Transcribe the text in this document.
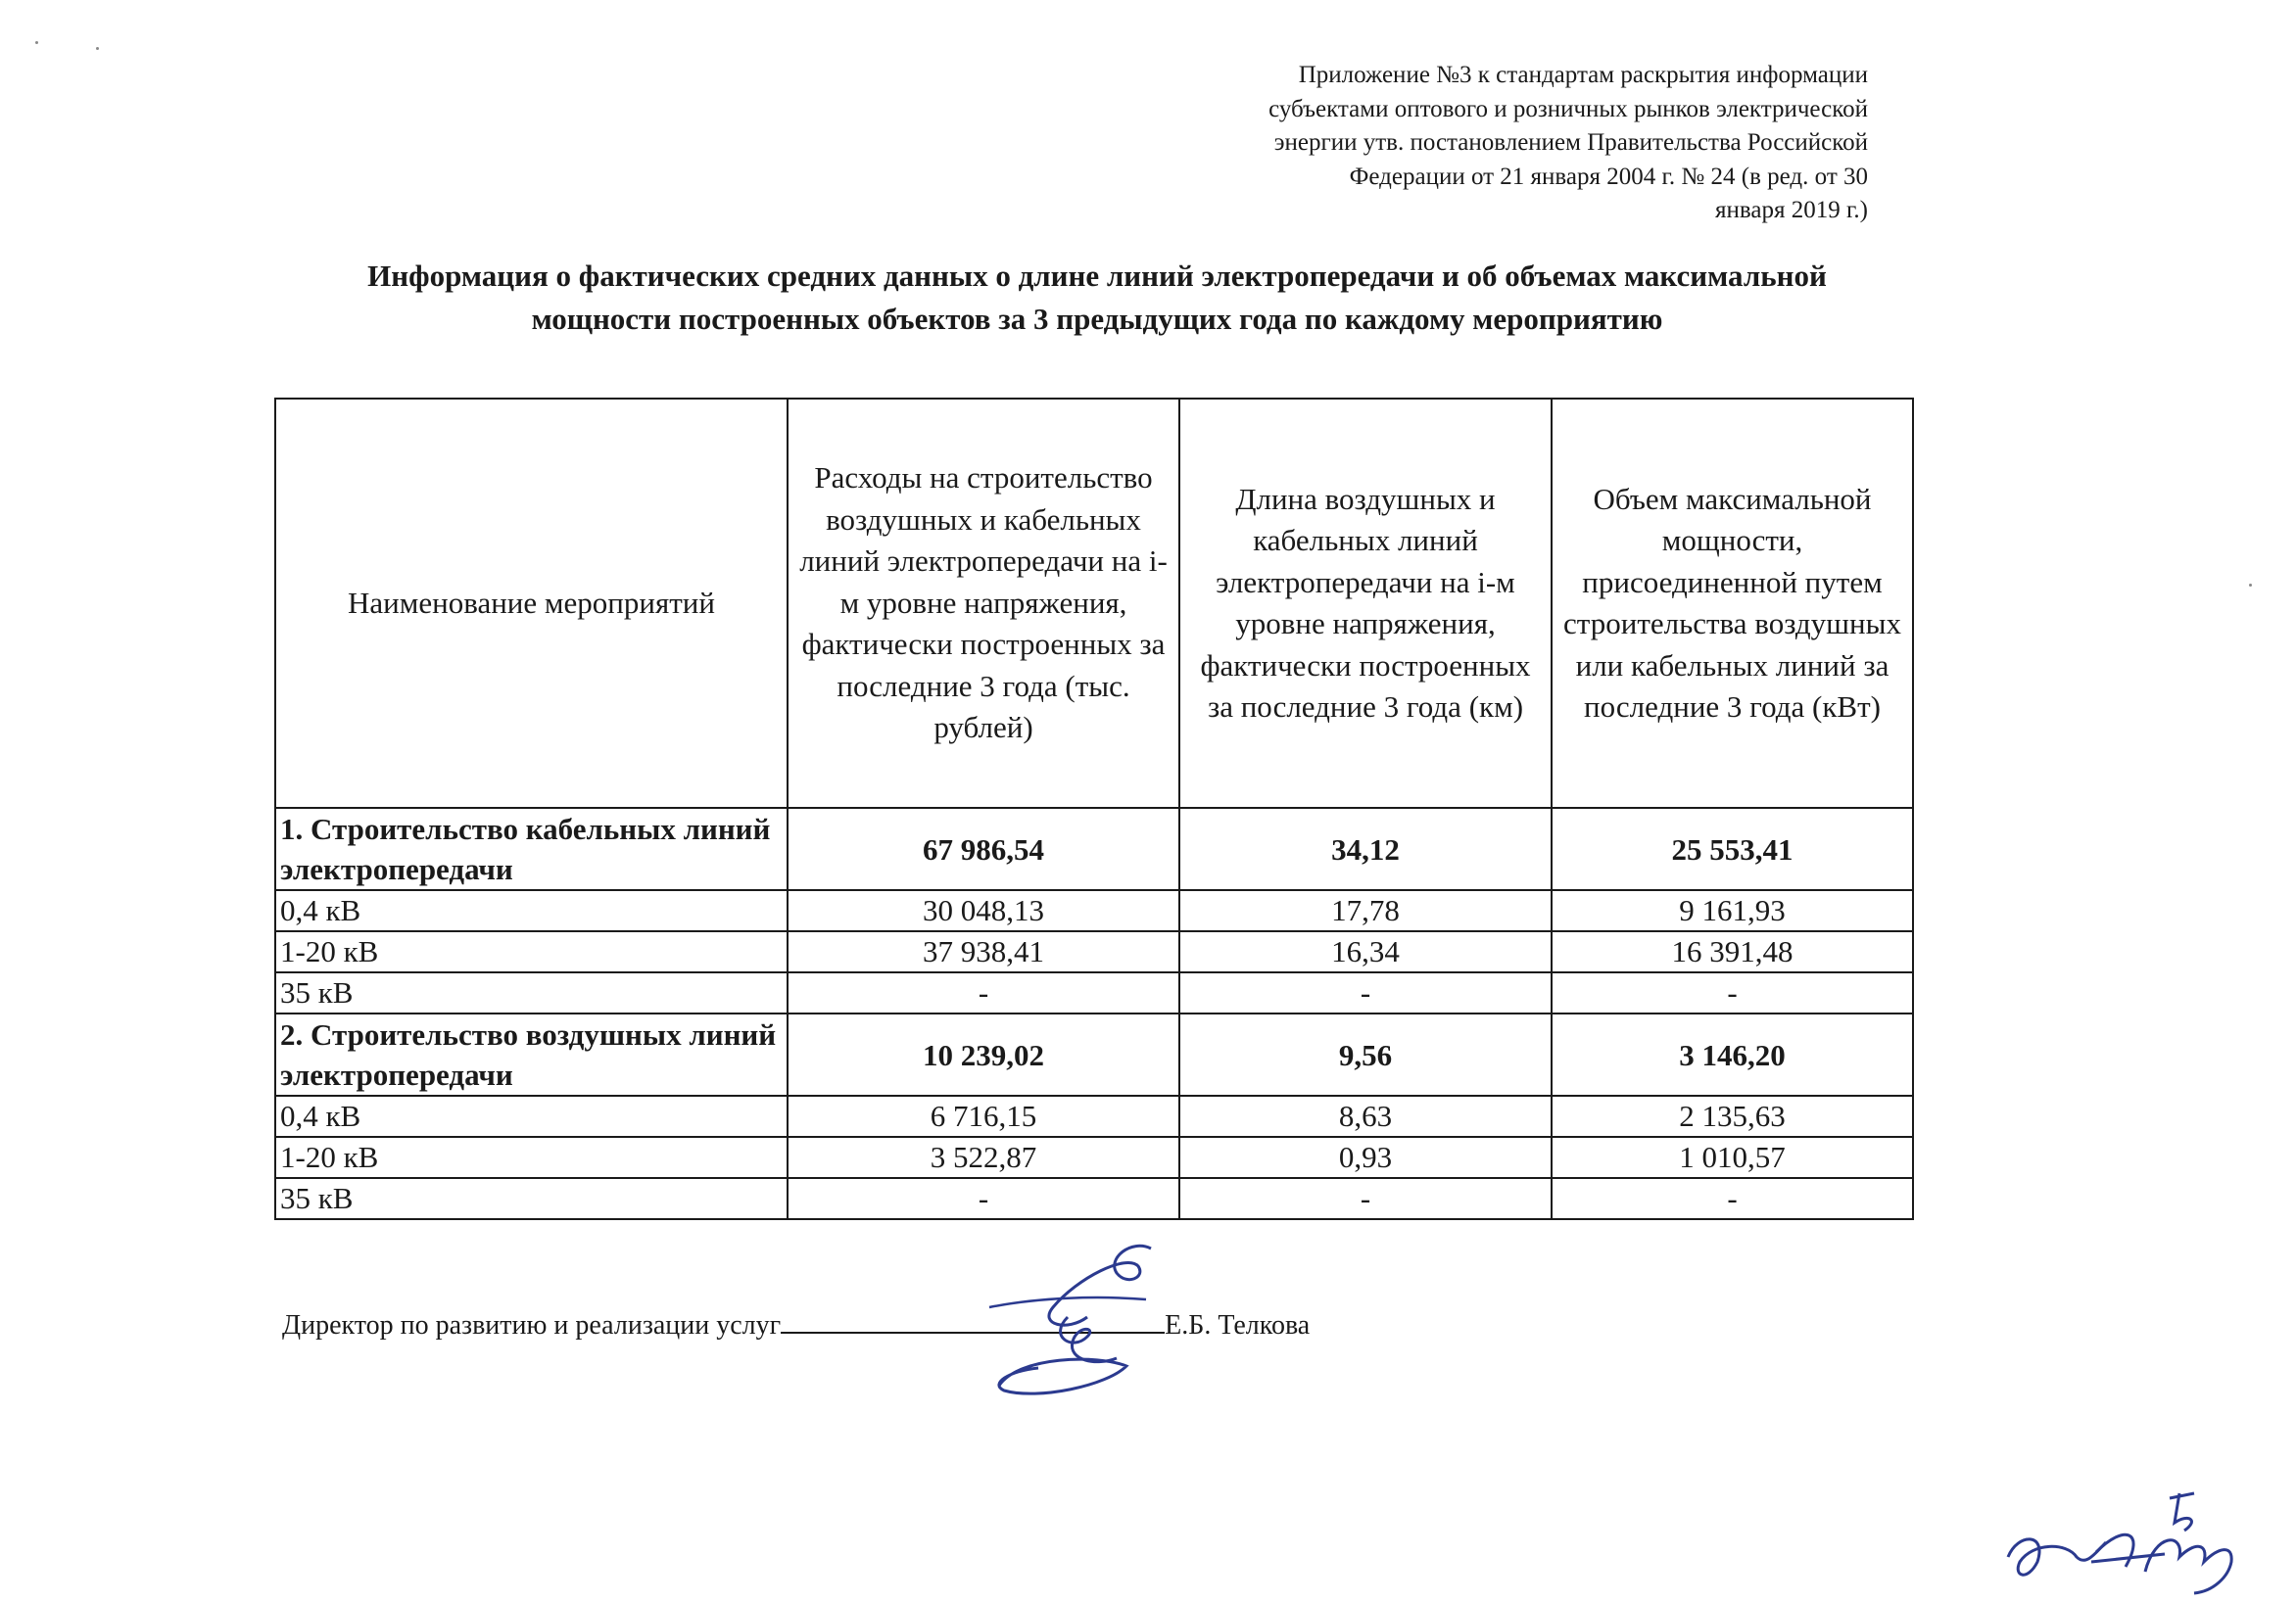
Приложение №3 к стандартам раскрытия информации
субъектами оптового и розничных рынков электрической
энергии утв. постановлением Правительства Российской
Федерации от 21 января 2004 г. № 24 (в ред. от 30
января 2019 г.)
Информация о фактических средних данных о длине линий электропередачи и об объемах максимальной
мощности построенных объектов за 3 предыдущих года по каждому мероприятию
Наименование мероприятий	Расходы на строительство воздушных и кабельных линий электропередачи на i-м уровне напряжения, фактически построенных за последние 3 года (тыс. рублей)	Длина воздушных и кабельных линий электропередачи на i-м уровне напряжения, фактически построенных за последние 3 года (км)	Объем максимальной мощности, присоединенной путем строительства воздушных или кабельных линий за последние 3 года (кВт)
1. Строительство кабельных линий электропередачи	67 986,54	34,12	25 553,41
0,4 кВ	30 048,13	17,78	9 161,93
1-20 кВ	37 938,41	16,34	16 391,48
35 кВ	-	-	-
2. Строительство воздушных линий электропередачи	10 239,02	9,56	3 146,20
0,4 кВ	6 716,15	8,63	2 135,63
1-20 кВ	3 522,87	0,93	1 010,57
35 кВ	-	-	-
Директор по развитию и реализации услуг	Е.Б. Телкова
